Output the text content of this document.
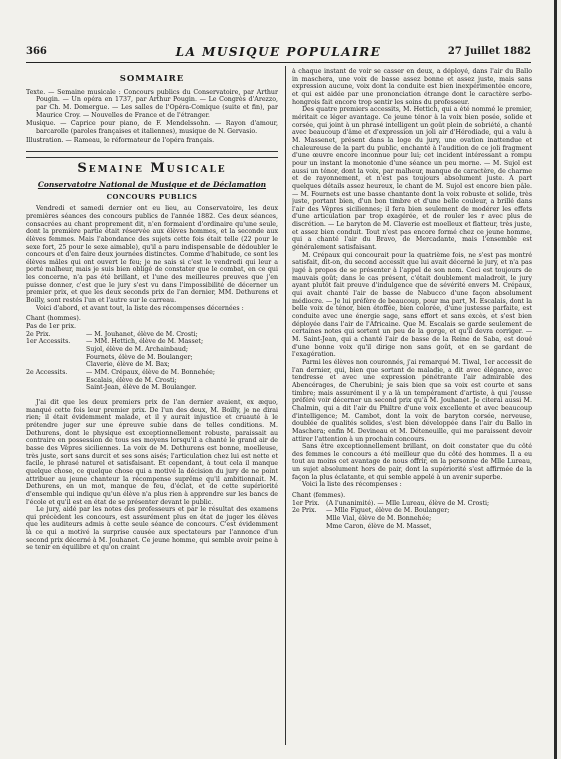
366	LA MUSIQUE POPULAIRE	27 Juillet 1882
SOMMAIRE

Texte. — Semaine musicale : Concours publics du Conservatoire, par Arthur Pougin. — Un opéra en 1737, par Arthur Pougin. — Le Congrès d'Arezzo, par Ch. M. Domergue. — Les salles de l'Opéra-Comique (suite et fin), par Maurice Croy. — Nouvelles de France et de l'étranger.

Musique. — Caprice pour piano, de F. Mendelssohn. — Rayon d'amour, barcarolle (paroles françaises et italiennes), musique de N. Gervasio.

Illustration. — Rameau, le réformateur de l'opéra français.

Semaine Musicale
Conservatoire National de Musique et de Déclamation
CONCOURS PUBLICS

Vendredi et samedi dernier ont eu lieu, au Conservatoire, les deux premières séances des concours publics de l'année 1882. Ces deux séances, consacrées au chant proprement dit, n'en formaient d'ordinaire qu'une seule, dont la première partie était réservée aux élèves hommes, et la seconde aux élèves femmes. Mais l'abondance des sujets cette fois était telle (22 pour le sexe fort, 25 pour le sexe aimable), qu'il a paru indispensable de dédoubler le concours et d'en faire deux journées distinctes. Comme d'habitude, ce sont les élèves mâles qui ont ouvert le feu; je ne sais si c'est le vendredi qui leur a porté malheur, mais je suis bien obligé de constater que le combat, en ce qui les concerne, n'a pas été brillant, et l'une des meilleures preuves que j'en puisse donner, c'est que le jury s'est vu dans l'impossibilité de décerner un premier prix, et que les deux seconds prix de l'an dernier, MM. Dethurens et Boilly, sont restés l'un et l'autre sur le carreau.

Voici d'abord, et avant tout, la liste des récompenses décernées :

Chant (hommes).

Pas de 1er prix.

2e Prix.	— M. Jouhanet, élève de M. Crosti;

1er Accessits. — MM. Hettich, élève de M. Masset;

Sujol, élève de M. Archainbaud;

Fournets, élève de M. Boulanger;

Claverie, élève de M. Bax;

2e Accessits.	— MM. Crépaux, élève de M. Bonnehée;

Escalais, élève de M. Crosti;

Saint-Jean, élève de M. Boulanger.

J'ai dit que les deux premiers prix de l'an dernier avaient, ex æquo, manqué cette fois leur premier prix. De l'un des deux, M. Boilly, je ne dirai rien; il était évidemment malade, et il y aurait injustice et cruauté à le prétendre juger sur une épreuve subie dans de telles conditions. M. Dethurens, dont le physique est exceptionnellement robuste, paraissait au contraire en possession de tous ses moyens lorsqu'il a chanté le grand air de basse des Vêpres siciliennes. La voix de M. Dethurens est bonne, moelleuse, très juste, sort sans durcit et ses sons aisés; l'articulation chez lui est nette et facile, le phrasé naturel et satisfaisant. Et cependant, à tout cela il manque quelque chose, ce quelque chose qui a motivé la décision du jury de ne point attribuer au jeune chanteur la récompense suprême qu'il ambitionnait. M. Dethurens, en un mot, manque de feu, d'éclat, et de cette supériorité d'ensemble qui indique qu'un élève n'a plus rien à apprendre sur les bancs de l'école et qu'il est en état de se présenter devant le public.

Le jury, aidé par les notes des professeurs et par le résultat des examens qui précèdent les concours, est assurément plus en état de juger les élèves que les auditeurs admis à cette seule séance de concours. C'est évidemment là ce qui a motivé la surprise causée aux spectateurs par l'annonce d'un second prix décerné à M. Jouhanet. Ce jeune homme, qui semble avoir peine à se tenir en équilibre et qu'on craint

à chaque instant de voir se casser en deux, a déployé, dans l'air du Ballo in maschera, une voix de basse assez bonne et assez juste, mais sans expression aucune, voix dont la conduite est bien inexpérimentée encore, et qui est aidée par une prononciation étrange dont le caractère serbo-hongrois fait encore trop sentir les soins du professeur.

Des quatre premiers accessits, M. Hettich, qui a été nommé le premier, méritait ce léger avantage. Ce jeune ténor à la voix bien posée, solide et corsée, qui joint à un phrasé intelligent un goût plein de sobriété, a chanté avec beaucoup d'âme et d'expression un joli air d'Hérodiade, qui a valu à M. Massenet, présent dans la loge du jury, une ovation inattendue et chaleureuse de la part du public, enchanté à l'audition de ce joli fragment d'une œuvre encore inconnue pour lui; cet incident intéressant a rompu pour un instant la monotonie d'une séance un peu morne. — M. Sujol est aussi un ténor, dont la voix, par malheur, manque de caractère, de charme et de rayonnement, et n'est pas toujours absolument juste. A part quelques détails assez heureux, le chant de M. Sujol est encore bien pâle. — M. Fournets est une basse chantante dont la voix robuste et solide, très juste, portant bien, d'un bon timbre et d'une belle couleur, a brillé dans l'air des Vêpres siciliennes; il fera bien seulement de modérer les effets d'une articulation par trop exagérée, et de rouler les r avec plus de discrétion. — Le baryton de M. Claverie est moelleux et flatteur, très juste, et assez bien conduit. Tout n'est pas encore formé chez ce jeune homme, qui a chanté l'air du Bravo, de Mercadante, mais l'ensemble est généralement satisfaisant.

M. Crépaux qui concourait pour la quatrième fois, ne s'est pas montré satisfait, dit-on, du second accessit que lui avait décerné le jury, et n'a pas jugé à propos de se présenter à l'appel de son nom. Ceci est toujours de mauvais goût; dans le cas présent, c'était doublement maladroit, le jury ayant plutôt fait preuve d'indulgence que de sévérité envers M. Crépaux, qui avait chanté l'air de basse de Nabucco d'une façon absolument médiocre. — Je lui préfère de beaucoup, pour ma part, M. Escalais, dont la belle voix de ténor, bien étoffée, bien colorée, d'une justesse parfaite, est conduite avec une énergie sage, sans effort et sans excès, et s'est bien déployée dans l'air de l'Africaine. Que M. Escalais se garde seulement de certaines notes qui sortent un peu de la gorge, et qu'il devra corriger. — M. Saint-Jean, qui a chanté l'air de basse de la Reine de Saba, est doué d'une bonne voix qu'il dirige non sans goût, et en se gardant de l'exagération.

Parmi les élèves non couronnés, j'ai remarqué M. Tiwal, 1er accessit de l'an dernier, qui, bien que sortant de maladie, a dit avec élégance, avec tendresse et avec une expression pénétrante l'air admirable des Abencérages, de Cherubini; je sais bien que sa voix est courte et sans timbre; mais assurément il y a là un tempérament d'artiste, à qui j'eusse préféré voir décerner un second prix qu'à M. Jouhanet. Je citerai aussi M. Chalmin, qui a dit l'air du Philtre d'une voix excellente et avec beaucoup d'intelligence; M. Cambot, dont la voix de baryton corsée, nerveuse, doublée de qualités solides, s'est bien développée dans l'air du Ballo in Maschera; enfin M. Devineau et M. Déteneuille, qui me paraissent devoir attirer l'attention à un prochain concours.

Sans être exceptionnellement brillant, on doit constater que du côté des femmes le concours a été meilleur que du côté des hommes. Il a eu tout au moins cet avantage de nous offrir, en la personne de Mlle Lureau, un sujet absolument hors de pair, dont la supériorité s'est affirmée de la façon la plus éclatante, et qui semble appelé à un avenir superbe.

Voici la liste des récompenses :

Chant (femmes).

1er Prix. (A l'unanimité). — Mlle Lureau, élève de M. Crosti;

2e Prix. — Mlle Figuet, élève de M. Boulanger;

Mlle Vial, élève de M. Bonnehée;

Mme Caron, élève de M. Masset,
